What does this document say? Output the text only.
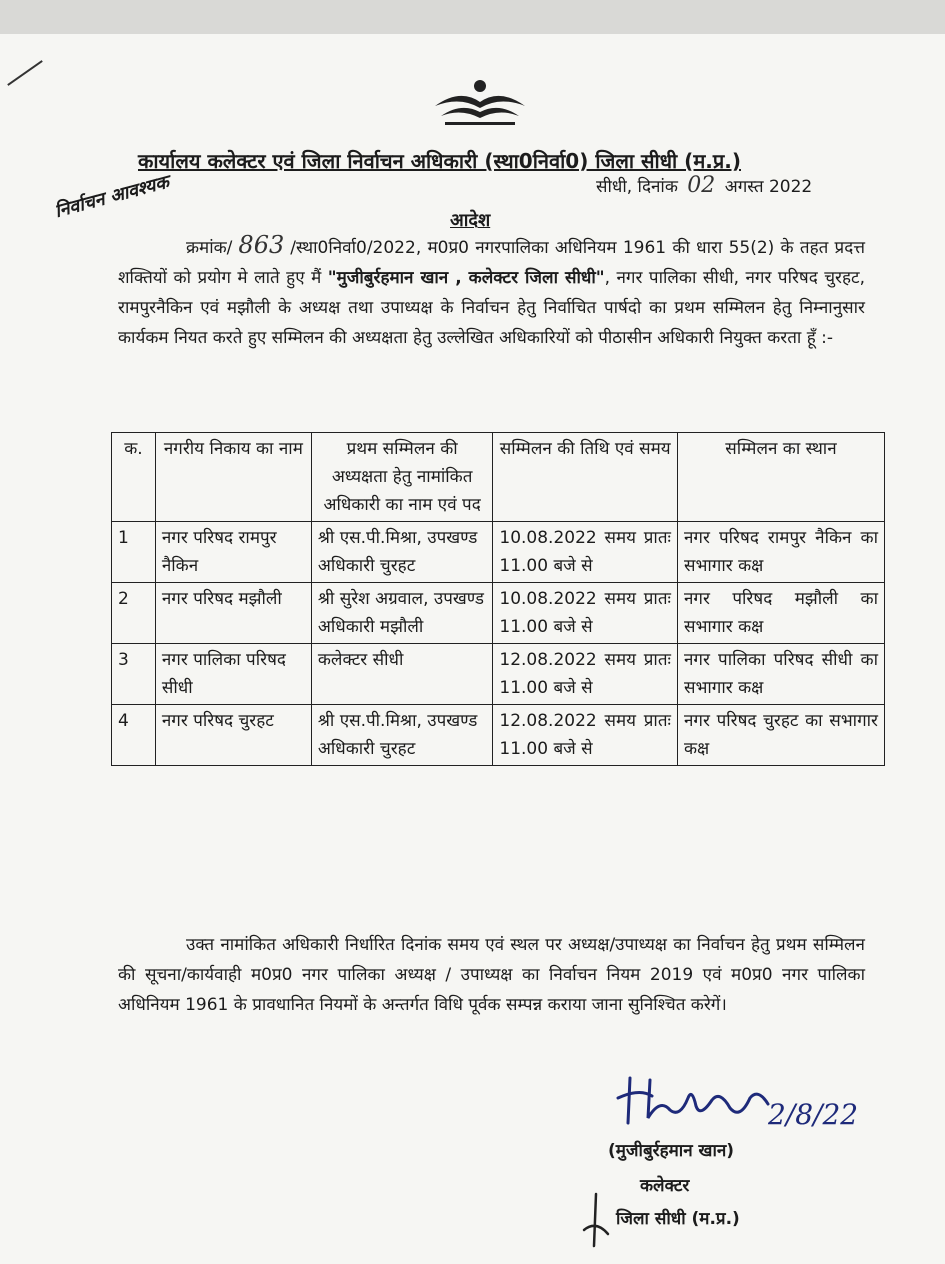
कार्यालय कलेक्टर एवं जिला निर्वाचन अधिकारी (स्था0निर्वा0) जिला सीधी (म.प्र.)
सीधी, दिनांक 02 अगस्त 2022
निर्वाचन आवश्यक	आदेश
क्रमांक/ 863 /स्था0निर्वा0/2022, म0प्र0 नगरपालिका अधिनियम 1961 की धारा 55(2) के तहत प्रदत्त शक्तियों को प्रयोग मे लाते हुए मैं "मुजीबुर्रहमान खान , कलेक्टर जिला सीधी", नगर पालिका सीधी, नगर परिषद चुरहट, रामपुरनैकिन एवं मझौली के अध्यक्ष तथा उपाध्यक्ष के निर्वाचन हेतु निर्वाचित पार्षदो का प्रथम सम्मिलन हेतु निम्नानुसार कार्यकम नियत करते हुए सम्मिलन की अध्यक्षता हेतु उल्लेखित अधिकारियों को पीठासीन अधिकारी नियुक्त करता हूँ :-
क.	नगरीय निकाय का नाम	प्रथम सम्मिलन की अध्यक्षता हेतु नामांकित अधिकारी का नाम एवं पद	सम्मिलन की तिथि एवं समय	सम्मिलन का स्थान
1	नगर परिषद रामपुर नैकिन	श्री एस.पी.मिश्रा, उपखण्ड अधिकारी चुरहट	10.08.2022 समय प्रातः 11.00 बजे से	नगर परिषद रामपुर नैकिन का सभागार कक्ष
2	नगर परिषद मझौली	श्री सुरेश अग्रवाल, उपखण्ड अधिकारी मझौली	10.08.2022 समय प्रातः 11.00 बजे से	नगर परिषद मझौली का सभागार कक्ष
3	नगर पालिका परिषद सीधी	कलेक्टर सीधी	12.08.2022 समय प्रातः 11.00 बजे से	नगर पालिका परिषद सीधी का सभागार कक्ष
4	नगर परिषद चुरहट	श्री एस.पी.मिश्रा, उपखण्ड अधिकारी चुरहट	12.08.2022 समय प्रातः 11.00 बजे से	नगर परिषद चुरहट का सभागार कक्ष
उक्त नामांकित अधिकारी निर्धारित दिनांक समय एवं स्थल पर अध्यक्ष/उपाध्यक्ष का निर्वाचन हेतु प्रथम सम्मिलन की सूचना/कार्यवाही म0प्र0 नगर पालिका अध्यक्ष / उपाध्यक्ष का निर्वाचन नियम 2019 एवं म0प्र0 नगर पालिका अधिनियम 1961 के प्रावधानित नियमों के अन्तर्गत विधि पूर्वक सम्पन्न कराया जाना सुनिश्चित करेगें।
2/8/22
(मुजीबुर्रहमान खान)
कलेक्टर
जिला सीधी (म.प्र.)
